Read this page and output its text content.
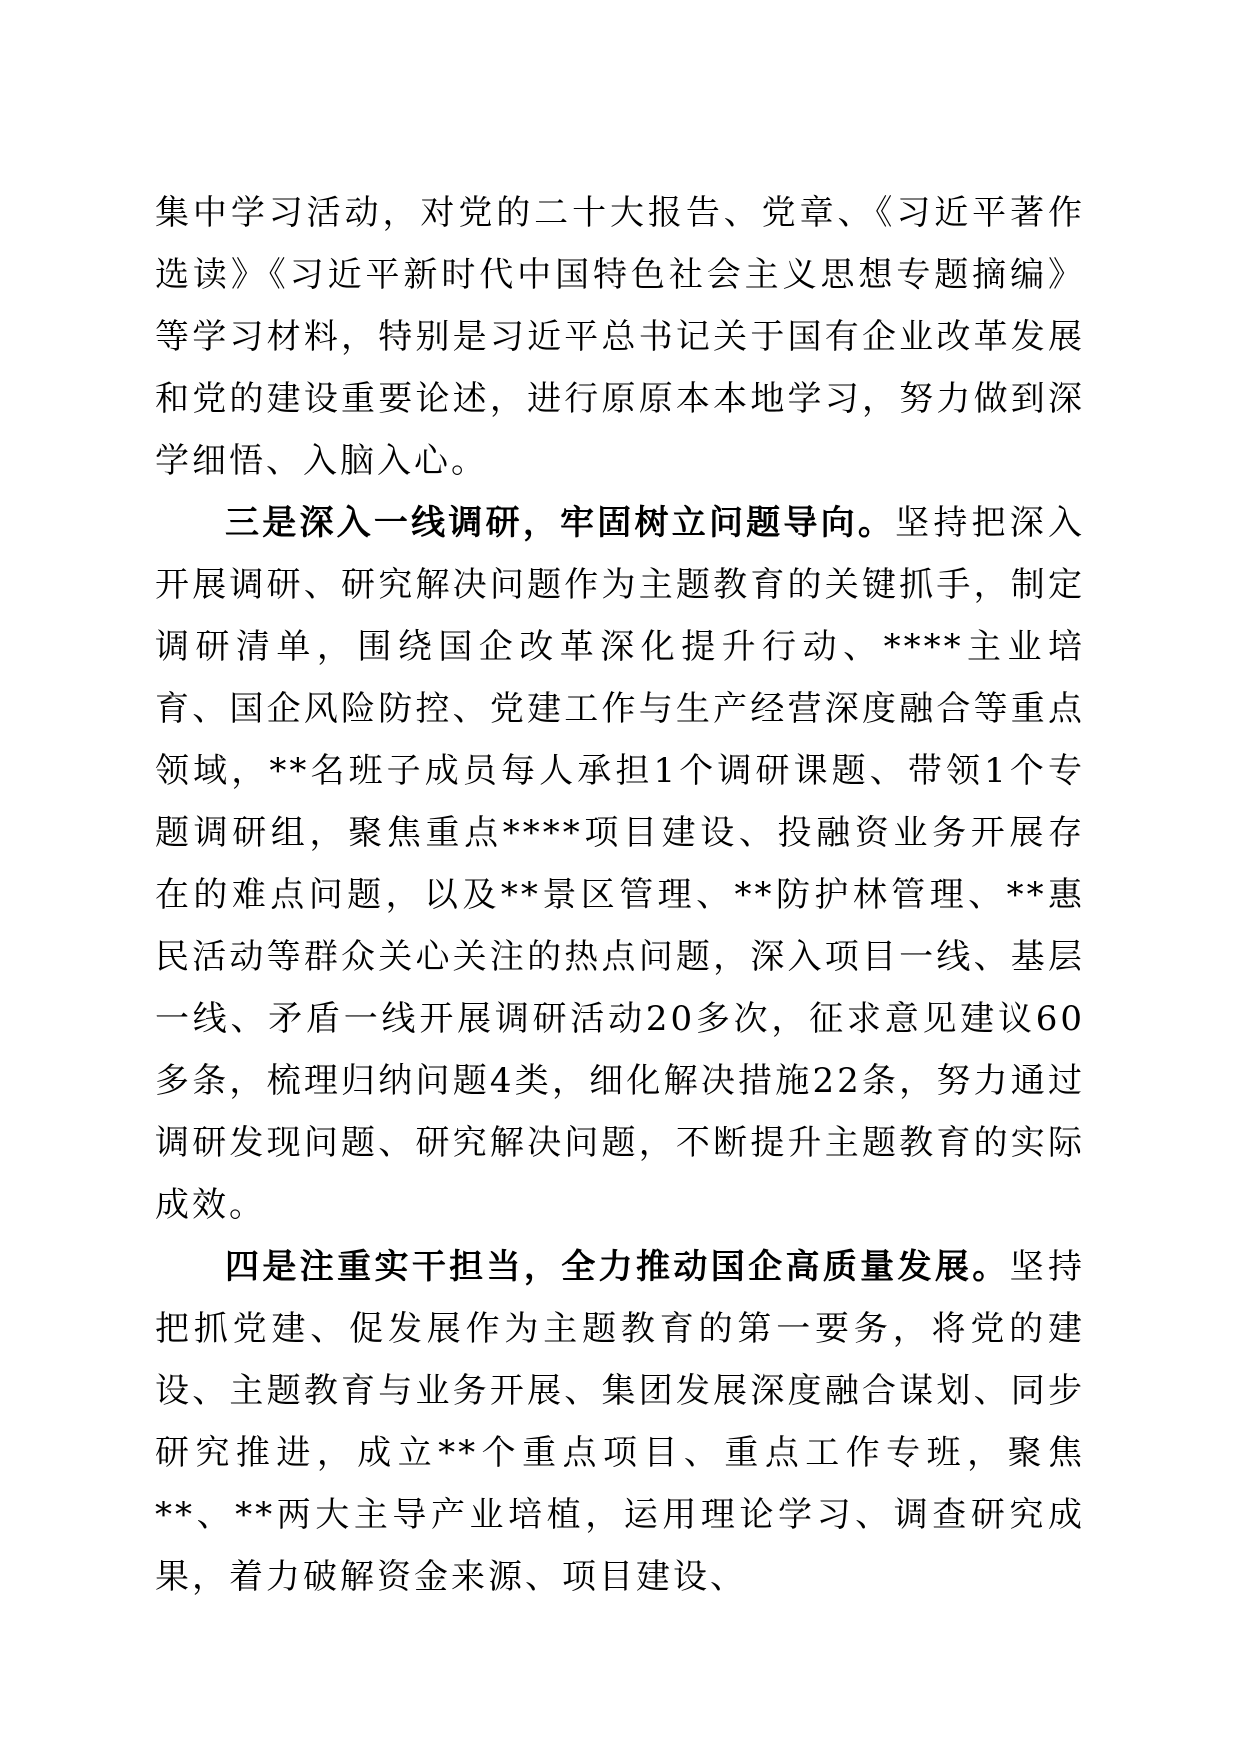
集中学习活动，对党的二十大报告、党章、《习近平著作选读》《习近平新时代中国特色社会主义思想专题摘编》等学习材料，特别是习近平总书记关于国有企业改革发展和党的建设重要论述，进行原原本本地学习，努力做到深学细悟、入脑入心。

三是深入一线调研，牢固树立问题导向。坚持把深入开展调研、研究解决问题作为主题教育的关键抓手，制定调研清单，围绕国企改革深化提升行动、****主业培育、国企风险防控、党建工作与生产经营深度融合等重点领域，**名班子成员每人承担1个调研课题、带领1个专题调研组，聚焦重点****项目建设、投融资业务开展存在的难点问题，以及**景区管理、**防护林管理、**惠民活动等群众关心关注的热点问题，深入项目一线、基层一线、矛盾一线开展调研活动20多次，征求意见建议60多条，梳理归纳问题4类，细化解决措施22条，努力通过调研发现问题、研究解决问题，不断提升主题教育的实际成效。

四是注重实干担当，全力推动国企高质量发展。坚持把抓党建、促发展作为主题教育的第一要务，将党的建设、主题教育与业务开展、集团发展深度融合谋划、同步研究推进，成立**个重点项目、重点工作专班，聚焦**、**两大主导产业培植，运用理论学习、调查研究成果，着力破解资金来源、项目建设、
